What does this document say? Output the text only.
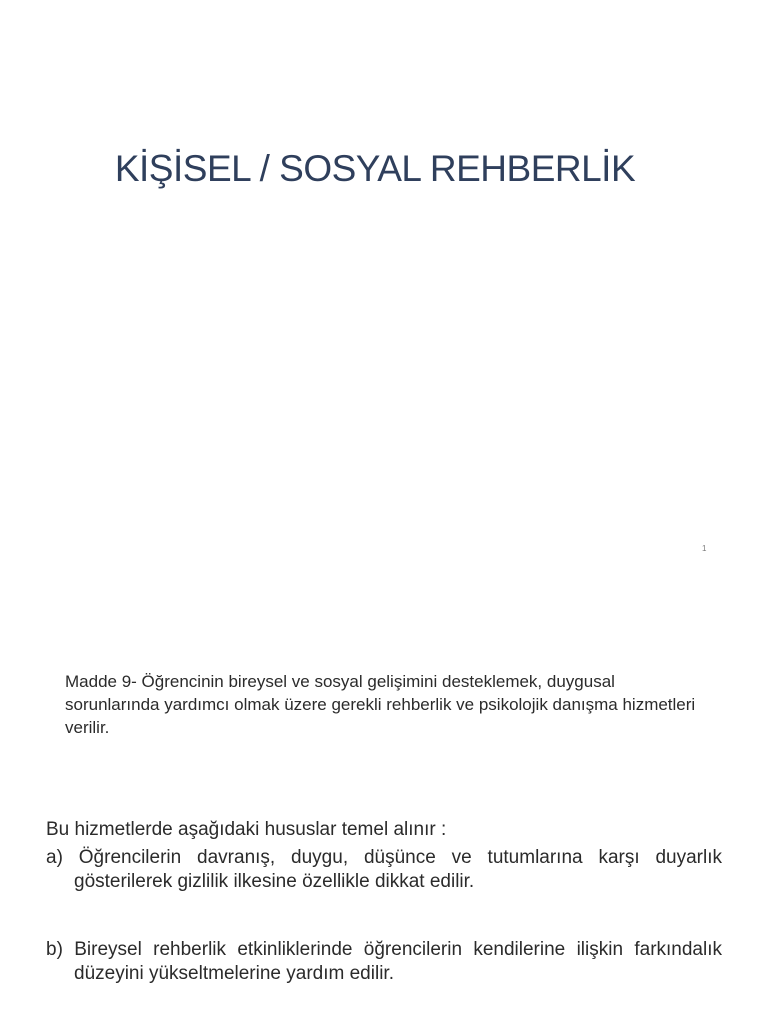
KİŞİSEL / SOSYAL REHBERLİK
1

Madde 9- Öğrencinin bireysel ve sosyal gelişimini desteklemek, duygusal sorunlarında yardımcı olmak üzere gerekli rehberlik ve psikolojik danışma hizmetleri verilir.

Bu hizmetlerde aşağıdaki hususlar temel alınır :

a) Öğrencilerin davranış, duygu, düşünce ve tutumlarına karşı duyarlık gösterilerek gizlilik ilkesine özellikle dikkat edilir.

b) Bireysel rehberlik etkinliklerinde öğrencilerin kendilerine ilişkin farkındalık düzeyini yükseltmelerine yardım edilir.
